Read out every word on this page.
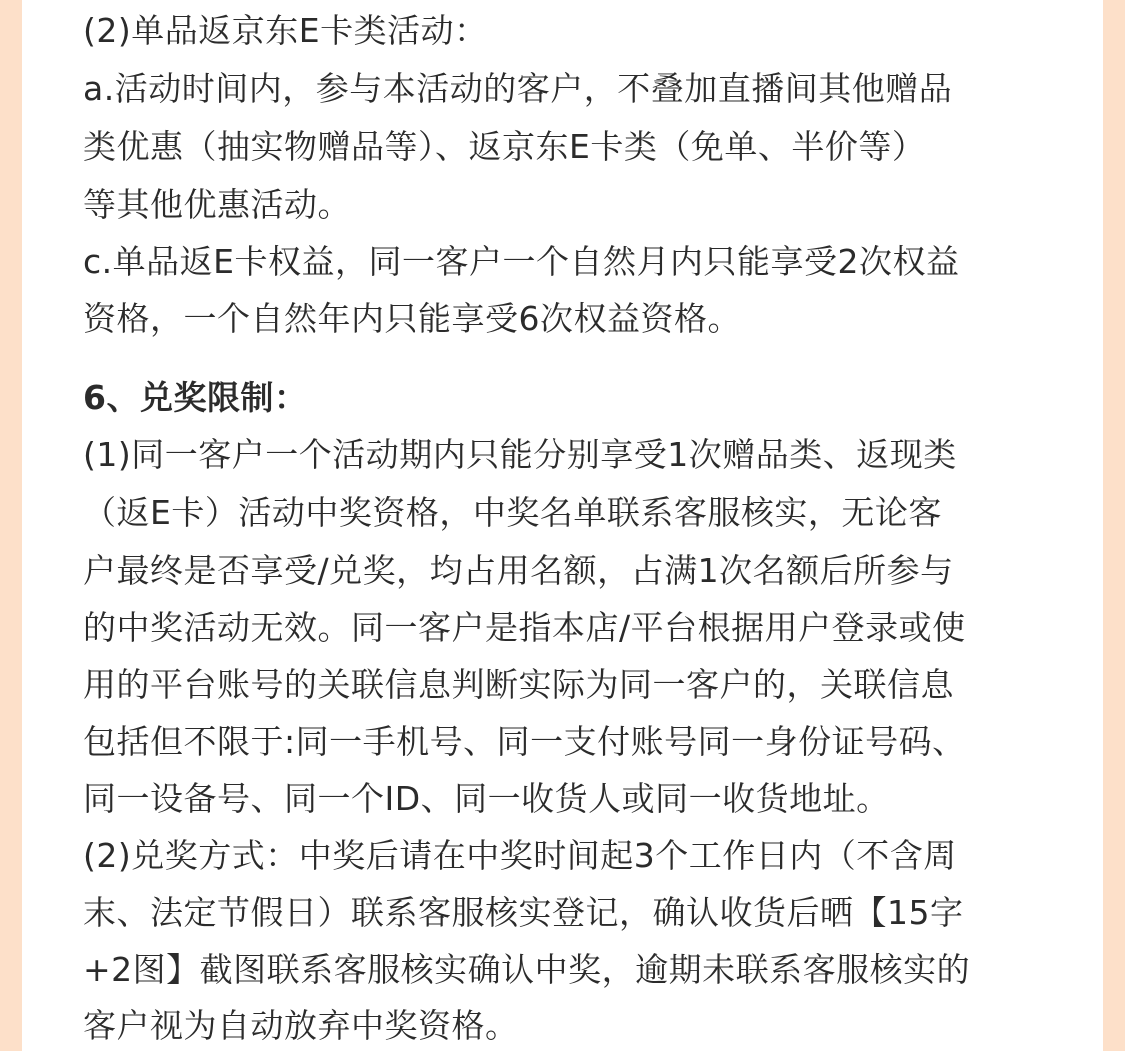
(2)单品返京东E卡类活动：
a.活动时间内，参与本活动的客户，不叠加直播间其他赠品
类优惠（抽实物赠品等）、返京东E卡类（免单、半价等）
等其他优惠活动。
c.单品返E卡权益，同一客户一个自然月内只能享受2次权益
资格，一个自然年内只能享受6次权益资格。
6、兑奖限制：
(1)同一客户一个活动期内只能分别享受1次赠品类、返现类
（返E卡）活动中奖资格，中奖名单联系客服核实，无论客
户最终是否享受/兑奖，均占用名额，占满1次名额后所参与
的中奖活动无效。同一客户是指本店/平台根据用户登录或使
用的平台账号的关联信息判断实际为同一客户的，关联信息
包括但不限于:同一手机号、同一支付账号同一身份证号码、
同一设备号、同一个ID、同一收货人或同一收货地址。
(2)兑奖方式：中奖后请在中奖时间起3个工作日内（不含周
末、法定节假日）联系客服核实登记，确认收货后晒【15字
+2图】截图联系客服核实确认中奖，逾期未联系客服核实的
客户视为自动放弃中奖资格。
